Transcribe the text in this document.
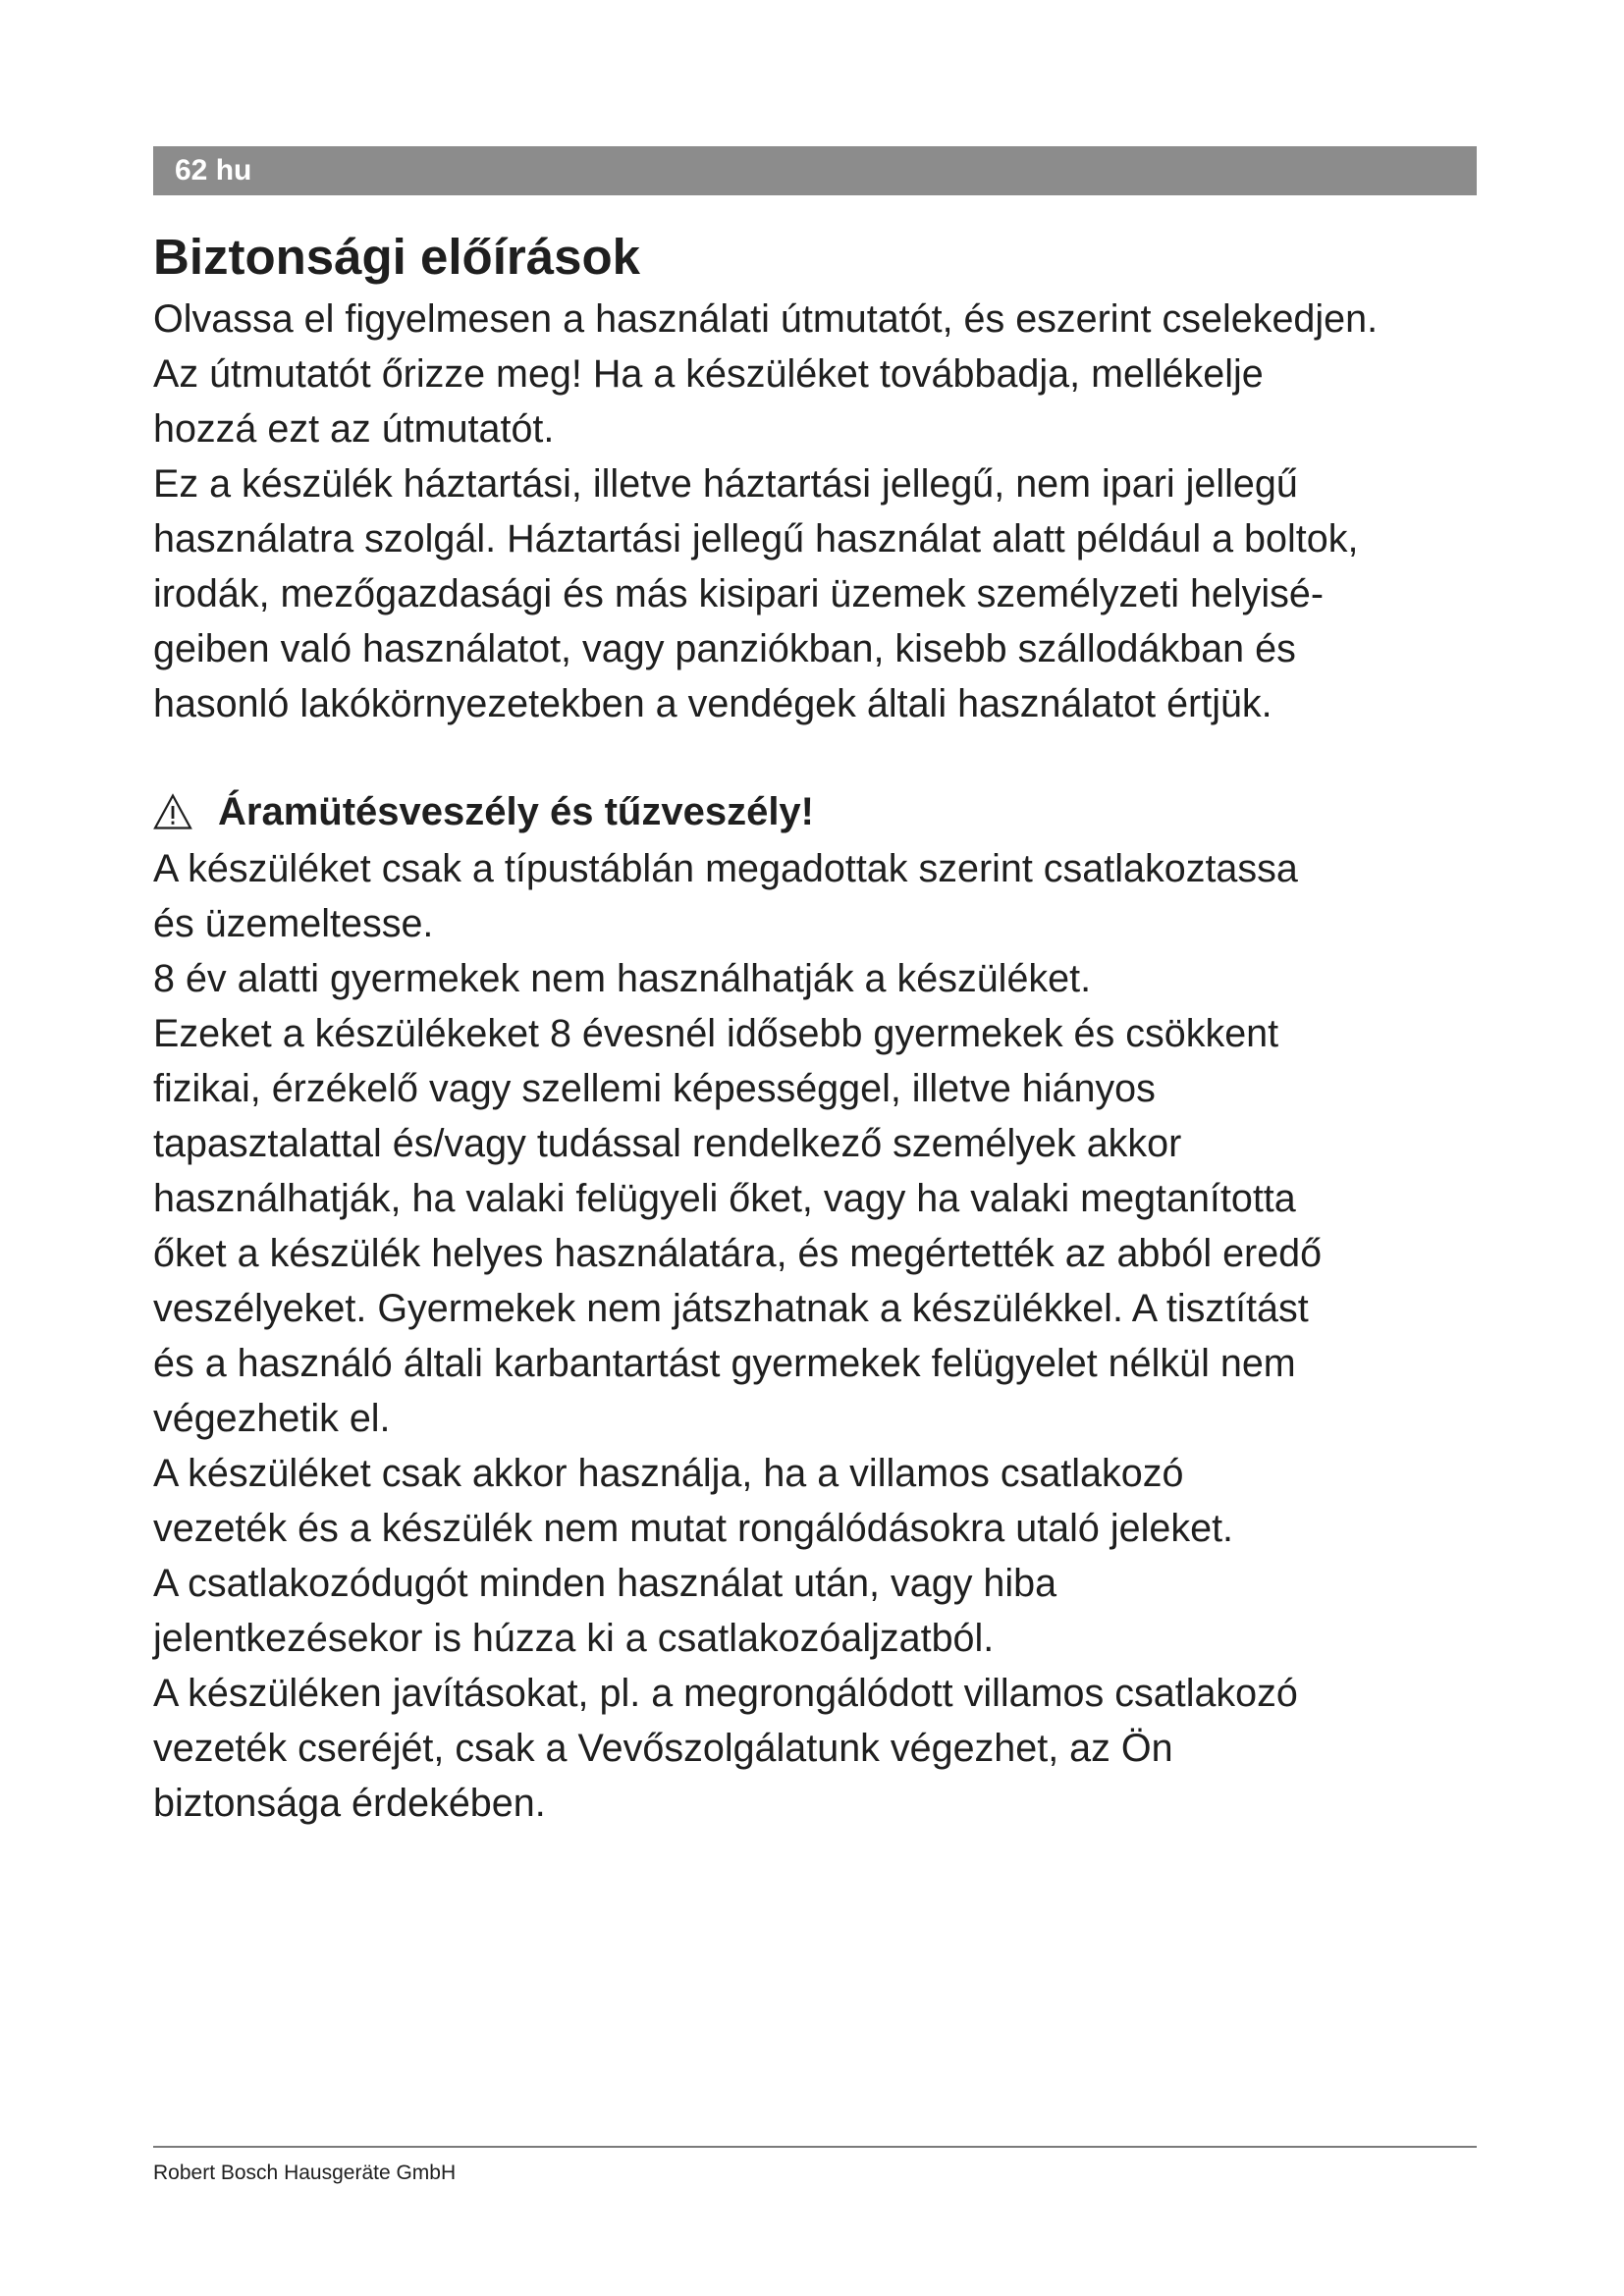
62 hu
Biztonsági előírások
Olvassa el figyelmesen a használati útmutatót, és eszerint cselekedjen.
Az útmutatót őrizze meg! Ha a készüléket továbbadja, mellékelje
hozzá ezt az útmutatót.
Ez a készülék háztartási, illetve háztartási jellegű, nem ipari jellegű
használatra szolgál. Háztartási jellegű használat alatt például a boltok,
irodák, mezőgazdasági és más kisipari üzemek személyzeti helyisé-
geiben való használatot, vagy panziókban, kisebb szállodákban és
hasonló lakókörnyezetekben a vendégek általi használatot értjük.
Áramütésveszély és tűzveszély!
A készüléket csak a típustáblán megadottak szerint csatlakoztassa
és üzemeltesse.
8 év alatti gyermekek nem használhatják a készüléket.
Ezeket a készülékeket 8 évesnél idősebb gyermekek és csökkent
fizikai, érzékelő vagy szellemi képességgel, illetve hiányos
tapasztalattal és/vagy tudással rendelkező személyek akkor
használhatják, ha valaki felügyeli őket, vagy ha valaki megtanította
őket a készülék helyes használatára, és megértették az abból eredő
veszélyeket. Gyermekek nem játszhatnak a készülékkel. A tisztítást
és a használó általi karbantartást gyermekek felügyelet nélkül nem
végezhetik el.
A készüléket csak akkor használja, ha a villamos csatlakozó
vezeték és a készülék nem mutat rongálódásokra utaló jeleket.
A csatlakozódugót minden használat után, vagy hiba
jelentkezésekor is húzza ki a csatlakozóaljzatból.
A készüléken javításokat, pl. a megrongálódott villamos csatlakozó
vezeték cseréjét, csak a Vevőszolgálatunk végezhet, az Ön
biztonsága érdekében.
Robert Bosch Hausgeräte GmbH
